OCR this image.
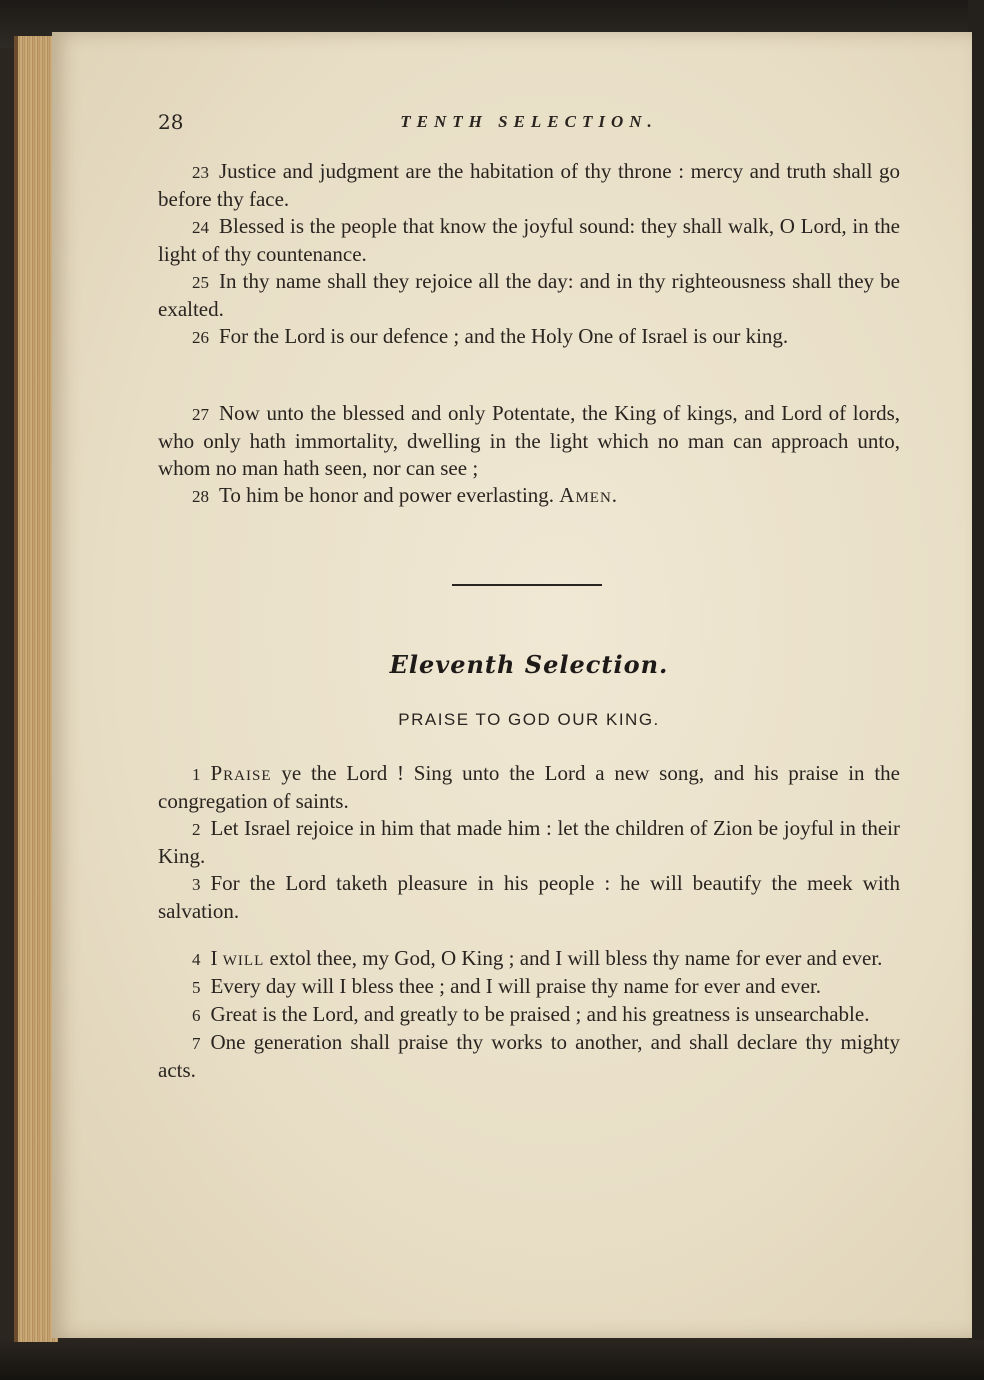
28	TENTH SELECTION.

23 Justice and judgment are the habitation of thy throne : mercy and truth shall go before thy face.

24 Blessed is the people that know the joyful sound: they shall walk, O Lord, in the light of thy countenance.

25 In thy name shall they rejoice all the day: and in thy righteousness shall they be exalted.

26 For the Lord is our defence ; and the Holy One of Israel is our king.

27 Now unto the blessed and only Potentate, the King of kings, and Lord of lords, who only hath immortality, dwelling in the light which no man can approach unto, whom no man hath seen, nor can see ;

28 To him be honor and power everlasting. Amen.

Eleventh Selection.
PRAISE TO GOD OUR KING.

1 Praise ye the Lord ! Sing unto the Lord a new song, and his praise in the congregation of saints.

2 Let Israel rejoice in him that made him : let the children of Zion be joyful in their King.

3 For the Lord taketh pleasure in his people : he will beautify the meek with salvation.

4 I will extol thee, my God, O King ; and I will bless thy name for ever and ever.

5 Every day will I bless thee ; and I will praise thy name for ever and ever.

6 Great is the Lord, and greatly to be praised ; and his greatness is unsearchable.

7 One generation shall praise thy works to another, and shall declare thy mighty acts.
